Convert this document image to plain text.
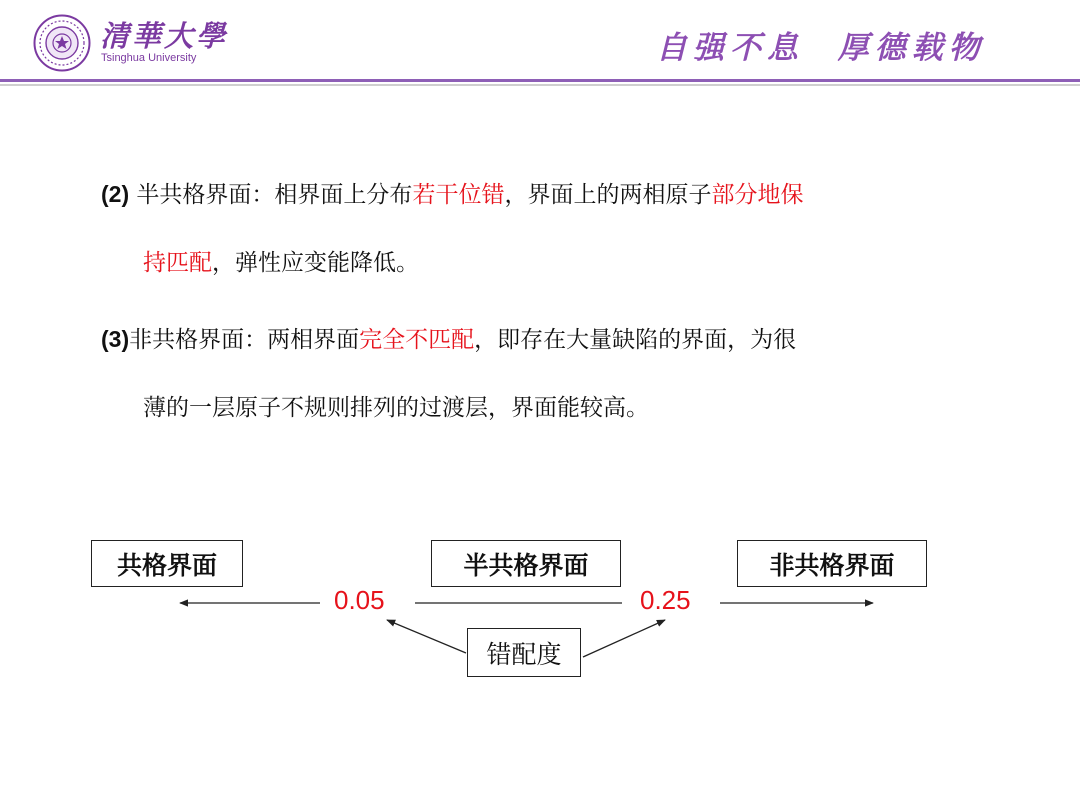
清華大學
Tsinghua University	自强不息  厚德载物
(2) 半共格界面：相界面上分布若干位错，界面上的两相原子部分地保
持匹配，弹性应变能降低。
(3)非共格界面：两相界面完全不匹配，即存在大量缺陷的界面，为很
薄的一层原子不规则排列的过渡层，界面能较高。
共格界面	半共格界面	非共格界面
0.05	0.25
错配度
